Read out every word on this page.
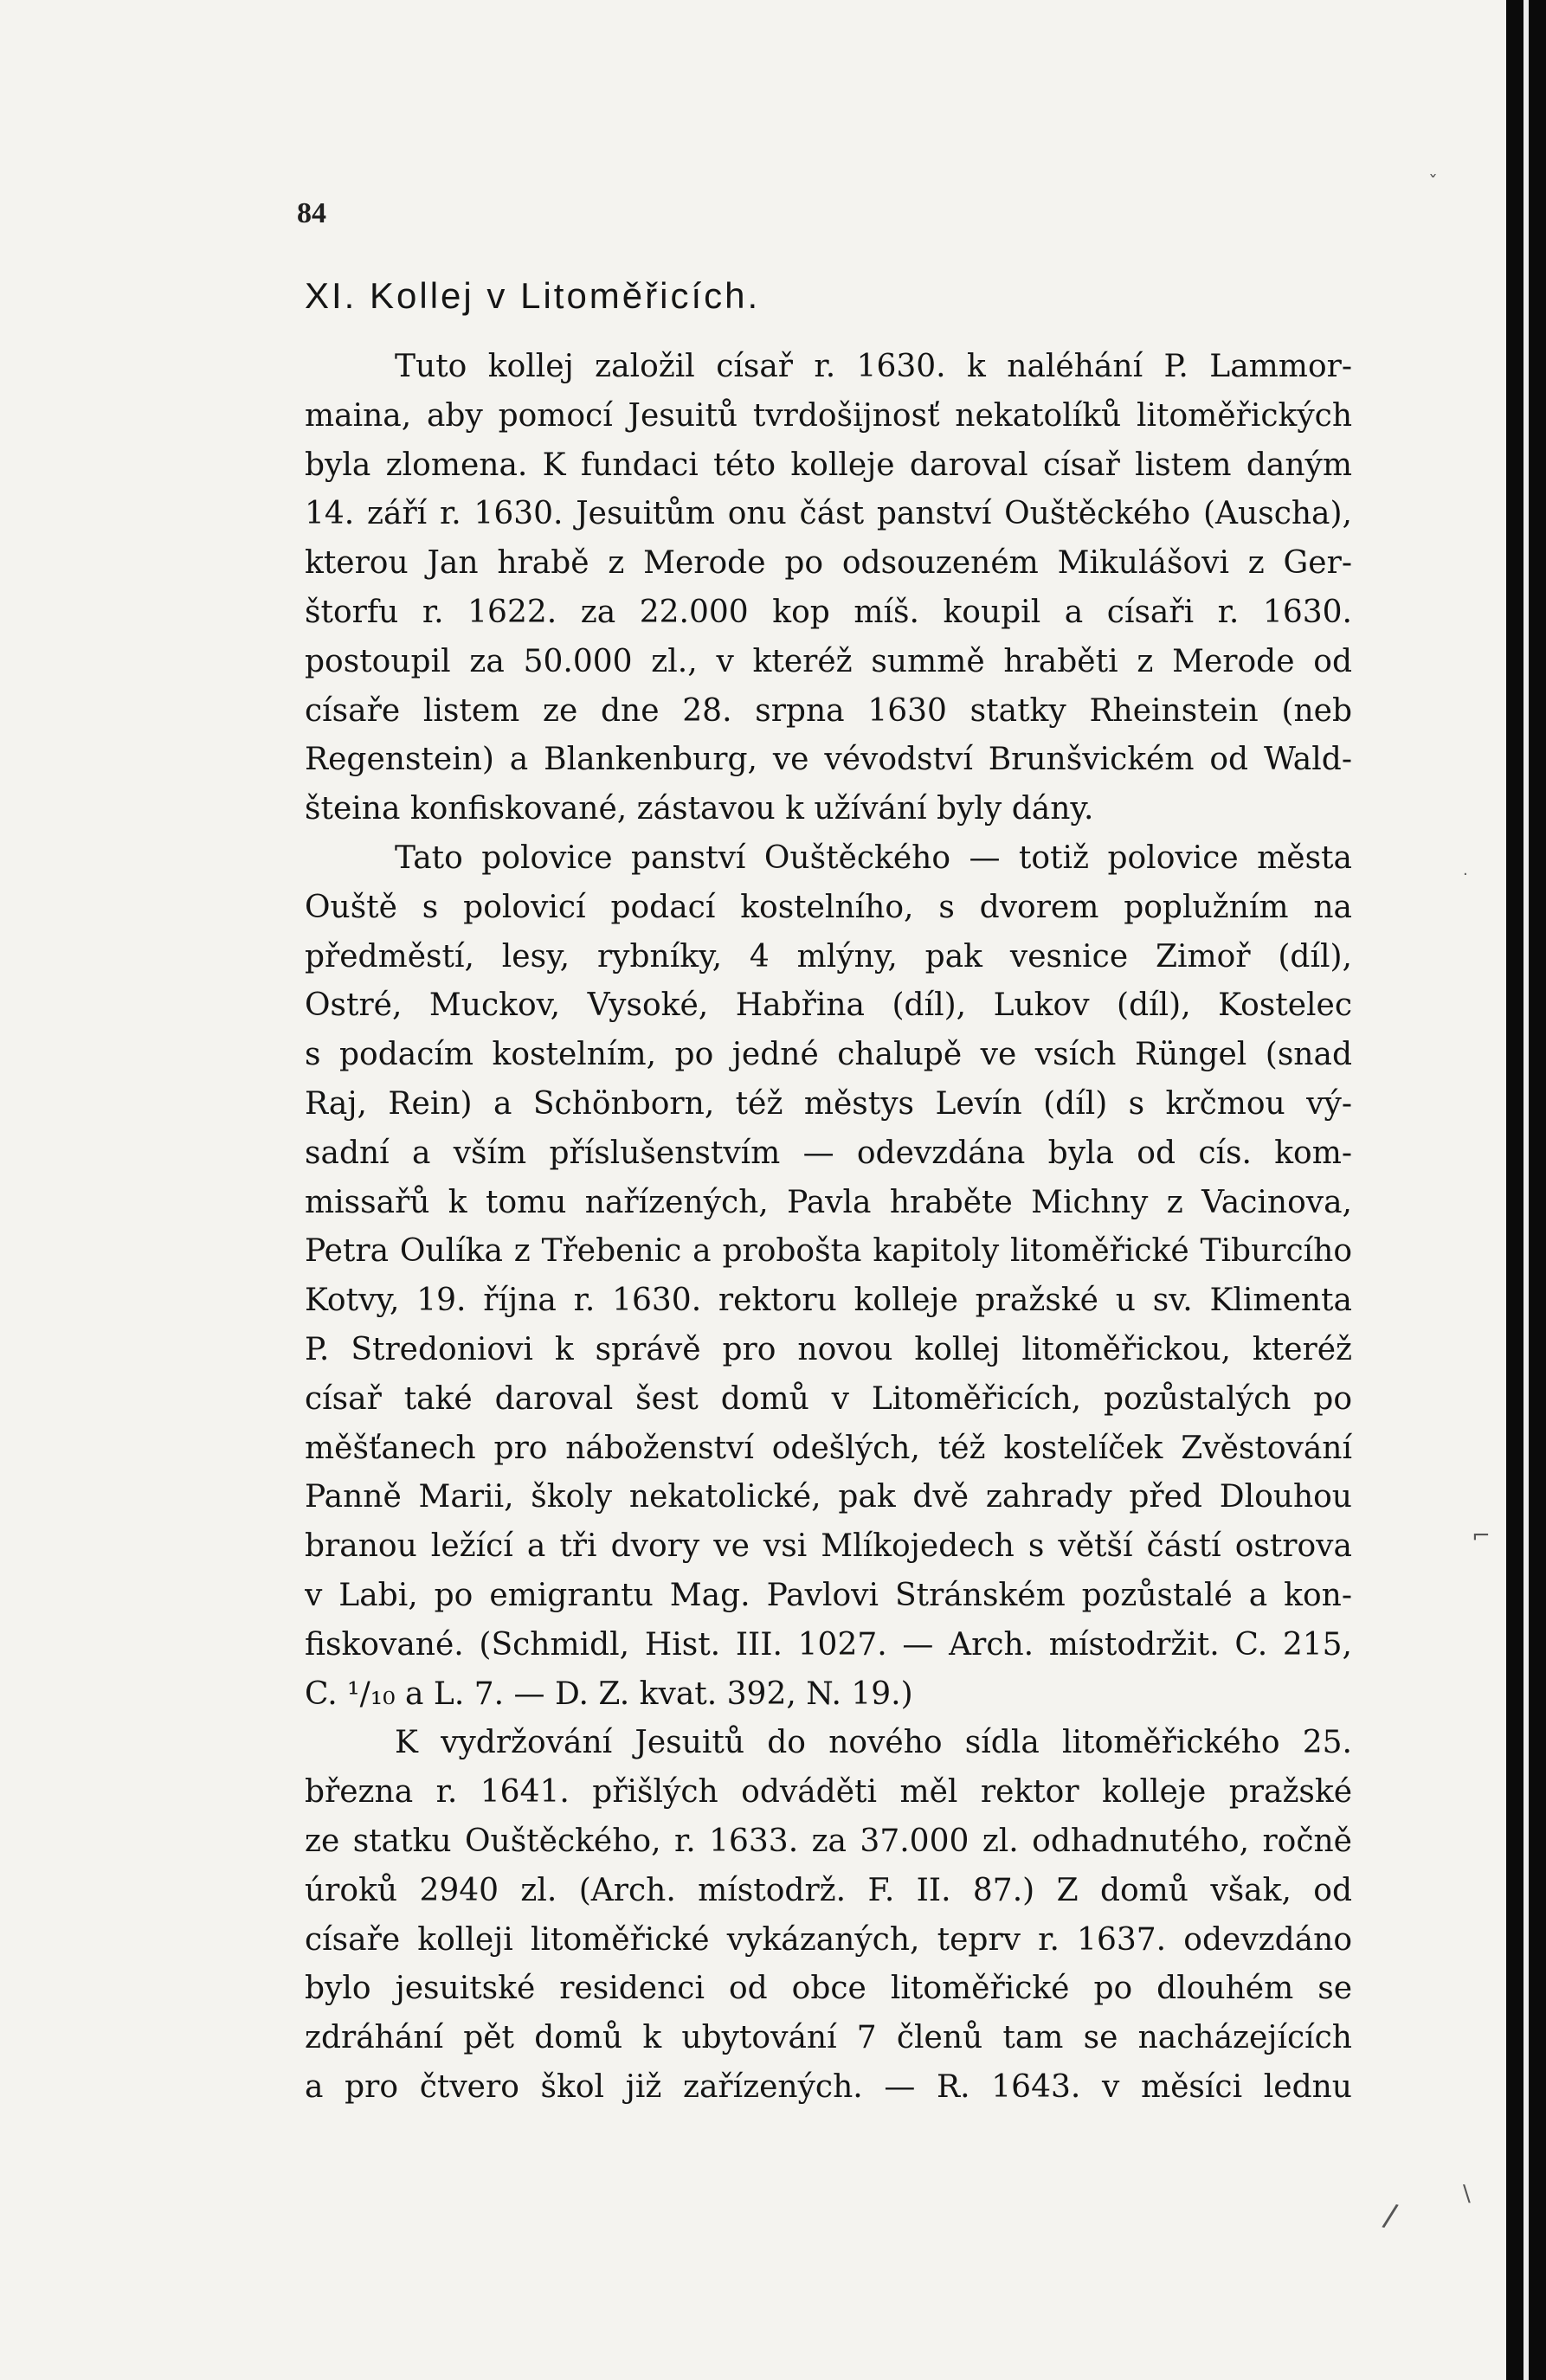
84
XI. Kollej v Litoměřicích.
Tuto kollej založil císař r. 1630. k naléhání P. Lammor-
maina, aby pomocí Jesuitů tvrdošijnosť nekatolíků litoměřických
byla zlomena. K fundaci této kolleje daroval císař listem daným
14. září r. 1630. Jesuitům onu část panství Ouštěckého (Auscha),
kterou Jan hrabě z Merode po odsouzeném Mikulášovi z Ger-
štorfu r. 1622. za 22.000 kop míš. koupil a císaři r. 1630.
postoupil za 50.000 zl., v kteréž summě hraběti z Merode od
císaře listem ze dne 28. srpna 1630 statky Rheinstein (neb
Regenstein) a Blankenburg, ve vévodství Brunšvickém od Wald-
šteina konfiskované, zástavou k užívání byly dány.
Tato polovice panství Ouštěckého — totiž polovice města
Ouště s polovicí podací kostelního, s dvorem poplužním na
předměstí, lesy, rybníky, 4 mlýny, pak vesnice Zimoř (díl),
Ostré, Muckov, Vysoké, Habřina (díl), Lukov (díl), Kostelec
s podacím kostelním, po jedné chalupě ve vsích Rüngel (snad
Raj, Rein) a Schönborn, též městys Levín (díl) s krčmou vý-
sadní a vším příslušenstvím — odevzdána byla od cís. kom-
missařů k tomu nařízených, Pavla hraběte Michny z Vacinova,
Petra Oulíka z Třebenic a probošta kapitoly litoměřické Tiburcího
Kotvy, 19. října r. 1630. rektoru kolleje pražské u sv. Klimenta
P. Stredoniovi k správě pro novou kollej litoměřickou, kteréž
císař také daroval šest domů v Litoměřicích, pozůstalých po
měšťanech pro náboženství odešlých, též kostelíček Zvěstování
Panně Marii, školy nekatolické, pak dvě zahrady před Dlouhou
branou ležící a tři dvory ve vsi Mlíkojedech s větší částí ostrova
v Labi, po emigrantu Mag. Pavlovi Stránském pozůstalé a kon-
fiskované. (Schmidl, Hist. III. 1027. — Arch. místodržit. C. 215,
C. ¹/₁₀ a L. 7. — D. Z. kvat. 392, N. 19.)
K vydržování Jesuitů do nového sídla litoměřického 25.
března r. 1641. přišlých odváděti měl rektor kolleje pražské
ze statku Ouštěckého, r. 1633. za 37.000 zl. odhadnutého, ročně
úroků 2940 zl. (Arch. místodrž. F. II. 87.) Z domů však, od
císaře kolleji litoměřické vykázaných, teprv r. 1637. odevzdáno
bylo jesuitské residenci od obce litoměřické po dlouhém se
zdráhání pět domů k ubytování 7 členů tam se nacházejících
a pro čtvero škol již zařízených. — R. 1643. v měsíci lednu
ˇ
·
⌐
/
\
